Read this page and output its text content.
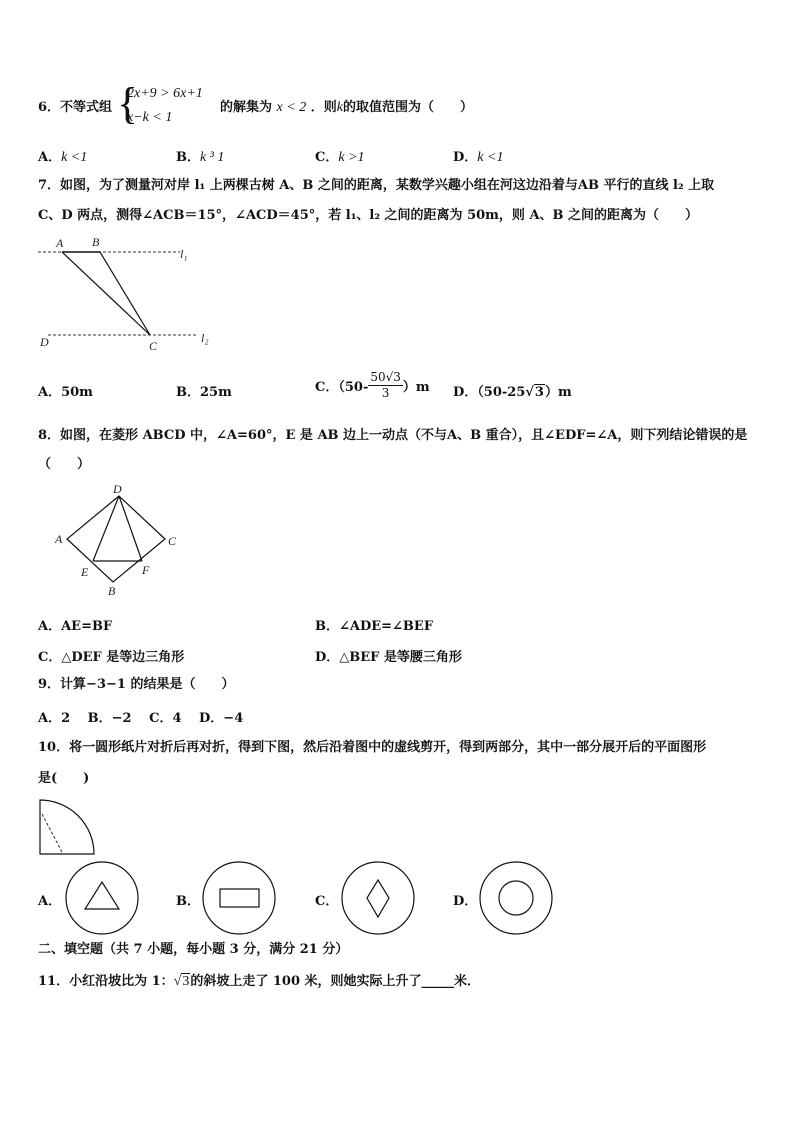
6．不等式组 {
2x+9 > 6x+1
x−k < 1
的解集为 x < 2 ．则k的取值范围为（　　）
A．k <1	B．k ³ 1	C．k >1	D．k <1
7．如图，为了测量河对岸 l₁ 上两棵古树 A、B 之间的距离，某数学兴趣小组在河这边沿着与AB 平行的直线 l₂ 上取
C、D 两点，测得∠ACB＝15°，∠ACD＝45°，若 l₁、l₂ 之间的距离为 50m，则 A、B 之间的距离为（　　）
A B
l₁
D	C
l₂
A．50m	B．25m	C．$(50- \frac{50√3}{3} )m$ D．（50-25√3）m
8．如图，在菱形 ABCD 中，∠A=60°，E 是 AB 边上一动点（不与A、B 重合），且∠EDF=∠A，则下列结论错误的是
（　　）
D
A	C
E	F
B
A．AE=BF	B．∠ADE=∠BEF
C．△DEF 是等边三角形	D．△BEF 是等腰三角形
9．计算−3−1 的结果是（　　）
A．2　 B．−2　 C．4　 D．−4
10．将一圆形纸片对折后再对折，得到下图，然后沿着图中的虚线剪开，得到两部分，其中一部分展开后的平面图形
是(　　)
A．	B．	C．	D．
二、填空题（共 7 小题，每小题 3 分，满分 21 分）
11．小红沿坡比为 1：√3的斜坡上走了 100 米，则她实际上升了_____米．
